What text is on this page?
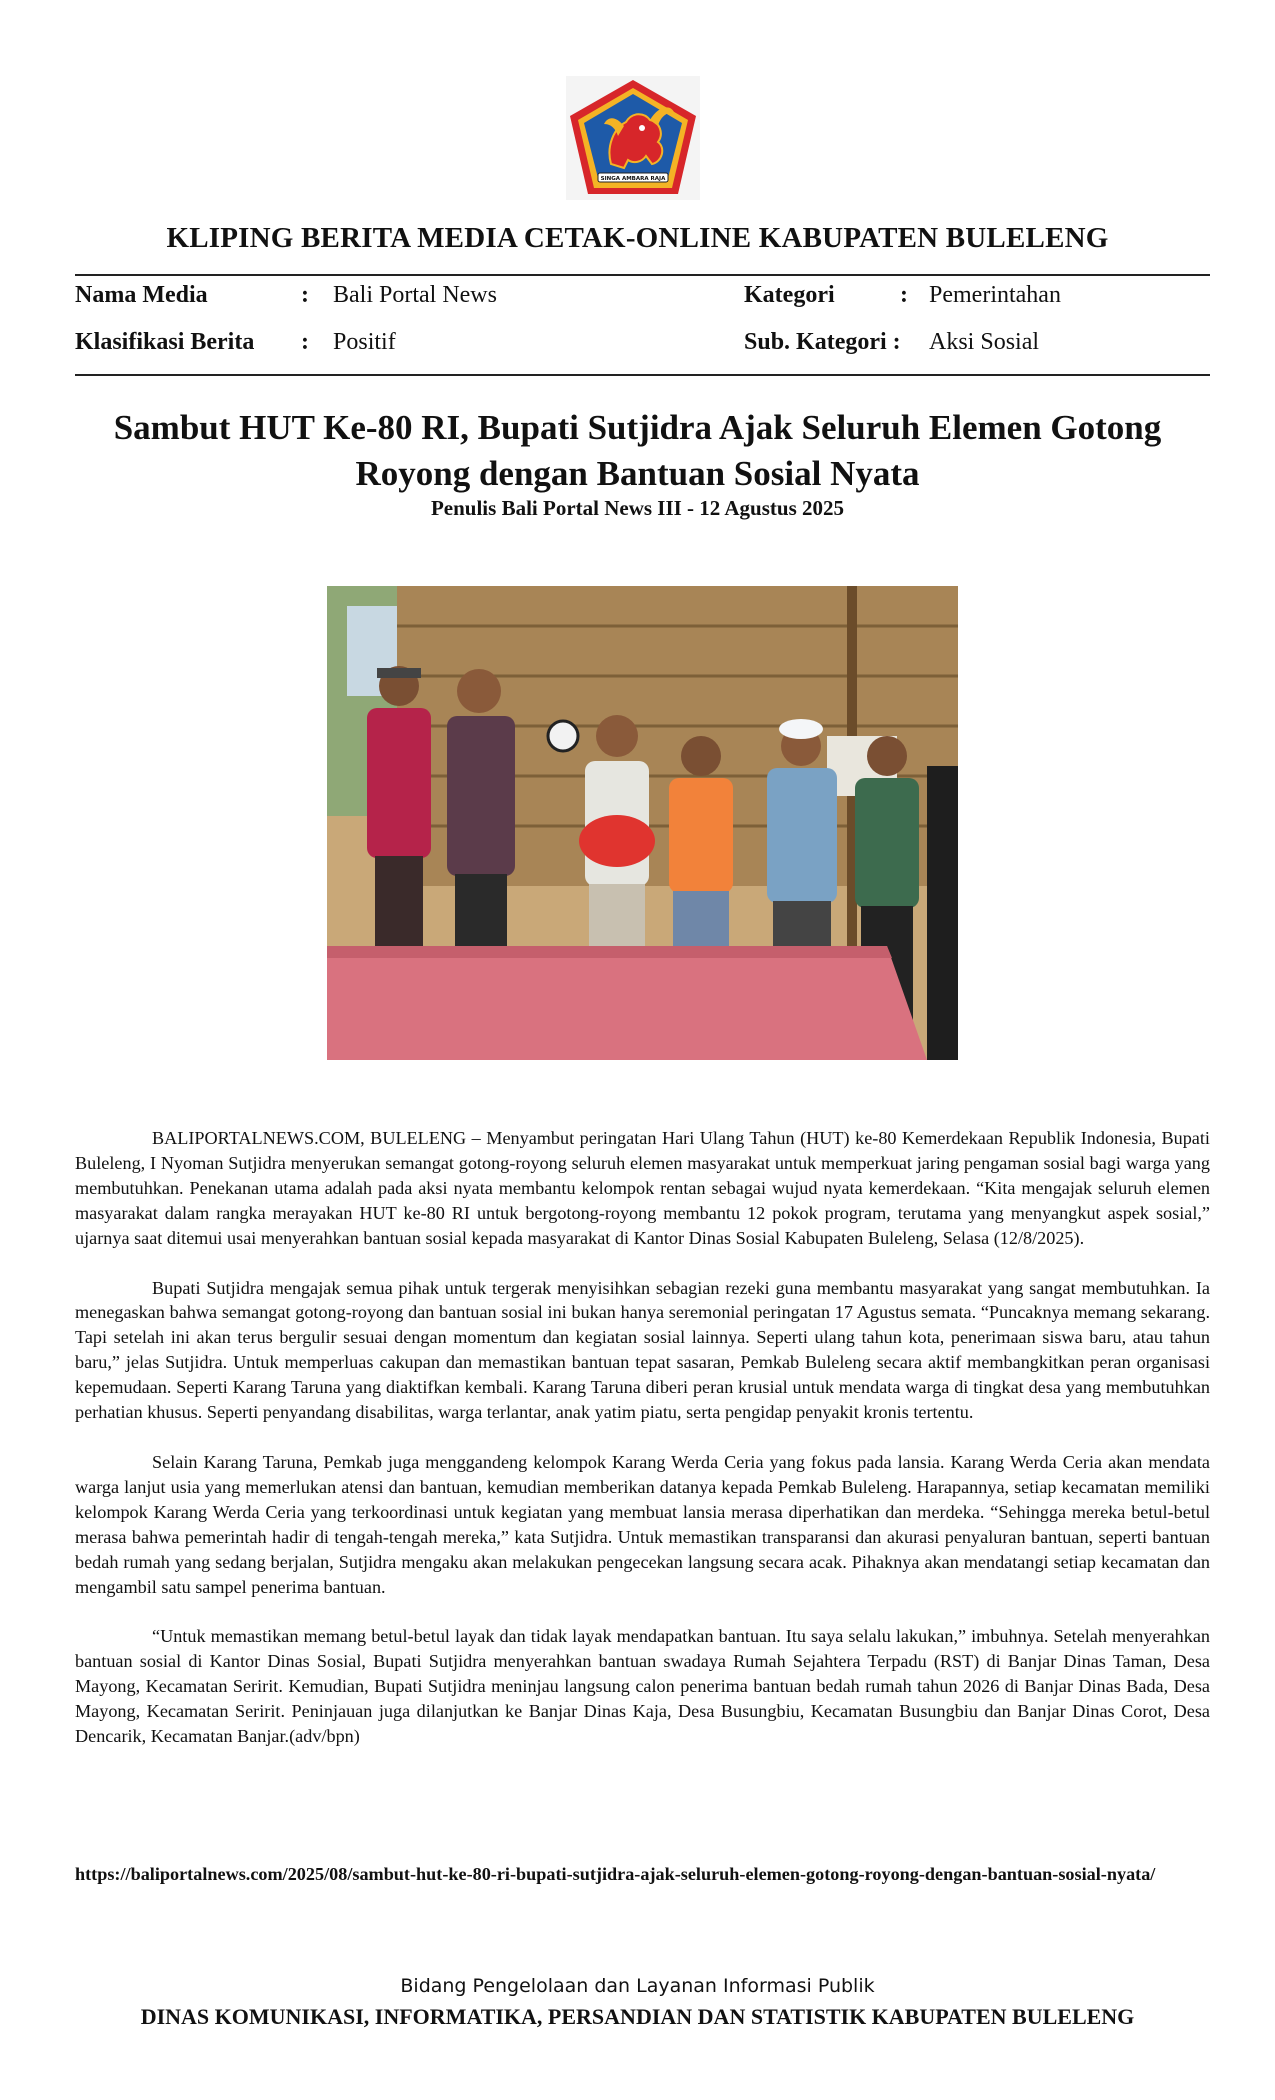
SINGA AMBARA RAJA
KLIPING BERITA MEDIA CETAK-ONLINE KABUPATEN BULELENG
Nama Media	: Bali Portal News	Kategori	: Pemerintahan
Klasifikasi Berita : Positif	Sub. Kategori : Aksi Sosial
Sambut HUT Ke-80 RI, Bupati Sutjidra Ajak Seluruh Elemen Gotong Royong dengan Bantuan Sosial Nyata
Penulis Bali Portal News III - 12 Agustus 2025

BALIPORTALNEWS.COM, BULELENG – Menyambut peringatan Hari Ulang Tahun (HUT) ke-80 Kemerdekaan Republik Indonesia, Bupati Buleleng, I Nyoman Sutjidra menyerukan semangat gotong-royong seluruh elemen masyarakat untuk memperkuat jaring pengaman sosial bagi warga yang membutuhkan. Penekanan utama adalah pada aksi nyata membantu kelompok rentan sebagai wujud nyata kemerdekaan. “Kita mengajak seluruh elemen masyarakat dalam rangka merayakan HUT ke-80 RI untuk bergotong-royong membantu 12 pokok program, terutama yang menyangkut aspek sosial,” ujarnya saat ditemui usai menyerahkan bantuan sosial kepada masyarakat di Kantor Dinas Sosial Kabupaten Buleleng, Selasa (12/8/2025).

Bupati Sutjidra mengajak semua pihak untuk tergerak menyisihkan sebagian rezeki guna membantu masyarakat yang sangat membutuhkan. Ia menegaskan bahwa semangat gotong-royong dan bantuan sosial ini bukan hanya seremonial peringatan 17 Agustus semata. “Puncaknya memang sekarang. Tapi setelah ini akan terus bergulir sesuai dengan momentum dan kegiatan sosial lainnya. Seperti ulang tahun kota, penerimaan siswa baru, atau tahun baru,” jelas Sutjidra. Untuk memperluas cakupan dan memastikan bantuan tepat sasaran, Pemkab Buleleng secara aktif membangkitkan peran organisasi kepemudaan. Seperti Karang Taruna yang diaktifkan kembali. Karang Taruna diberi peran krusial untuk mendata warga di tingkat desa yang membutuhkan perhatian khusus. Seperti penyandang disabilitas, warga terlantar, anak yatim piatu, serta pengidap penyakit kronis tertentu.

Selain Karang Taruna, Pemkab juga menggandeng kelompok Karang Werda Ceria yang fokus pada lansia. Karang Werda Ceria akan mendata warga lanjut usia yang memerlukan atensi dan bantuan, kemudian memberikan datanya kepada Pemkab Buleleng. Harapannya, setiap kecamatan memiliki kelompok Karang Werda Ceria yang terkoordinasi untuk kegiatan yang membuat lansia merasa diperhatikan dan merdeka. “Sehingga mereka betul-betul merasa bahwa pemerintah hadir di tengah-tengah mereka,” kata Sutjidra. Untuk memastikan transparansi dan akurasi penyaluran bantuan, seperti bantuan bedah rumah yang sedang berjalan, Sutjidra mengaku akan melakukan pengecekan langsung secara acak. Pihaknya akan mendatangi setiap kecamatan dan mengambil satu sampel penerima bantuan.

“Untuk memastikan memang betul-betul layak dan tidak layak mendapatkan bantuan. Itu saya selalu lakukan,” imbuhnya. Setelah menyerahkan bantuan sosial di Kantor Dinas Sosial, Bupati Sutjidra menyerahkan bantuan swadaya Rumah Sejahtera Terpadu (RST) di Banjar Dinas Taman, Desa Mayong, Kecamatan Seririt. Kemudian, Bupati Sutjidra meninjau langsung calon penerima bantuan bedah rumah tahun 2026 di Banjar Dinas Bada, Desa Mayong, Kecamatan Seririt. Peninjauan juga dilanjutkan ke Banjar Dinas Kaja, Desa Busungbiu, Kecamatan Busungbiu dan Banjar Dinas Corot, Desa Dencarik, Kecamatan Banjar.(adv/bpn)

https://baliportalnews.com/2025/08/sambut-hut-ke-80-ri-bupati-sutjidra-ajak-seluruh-elemen-gotong-royong-dengan-bantuan-sosial-nyata/
Bidang Pengelolaan dan Layanan Informasi Publik
DINAS KOMUNIKASI, INFORMATIKA, PERSANDIAN DAN STATISTIK KABUPATEN BULELENG
